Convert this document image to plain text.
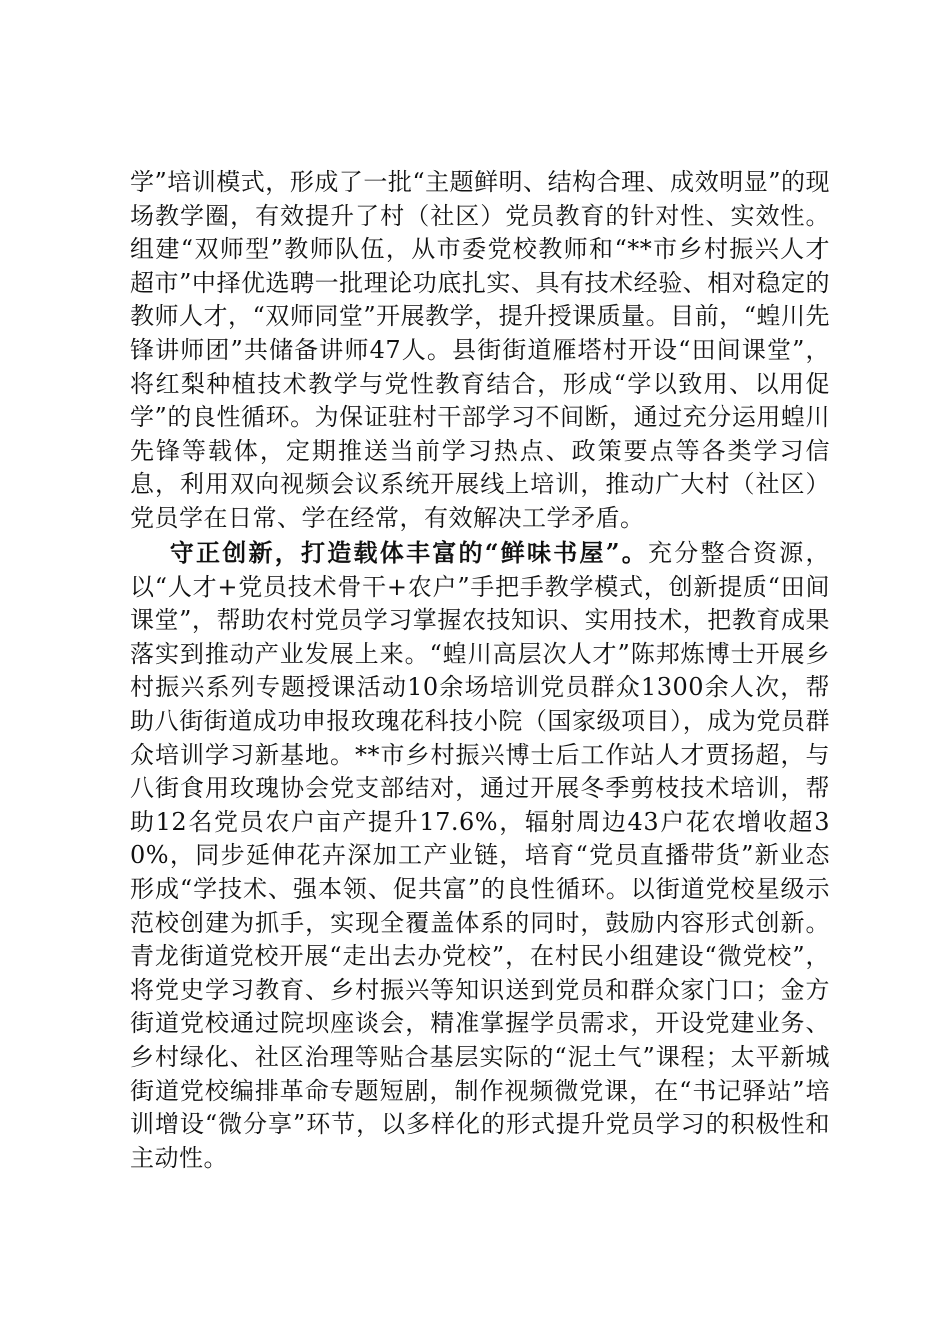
学”培训模式，形成了一批“主题鲜明、结构合理、成效明显”的现场教学圈，有效提升了村（社区）党员教育的针对性、实效性。组建“双师型”教师队伍，从市委党校教师和“**市乡村振兴人才超市”中择优选聘一批理论功底扎实、具有技术经验、相对稳定的教师人才，“双师同堂”开展教学，提升授课质量。目前，“蝗川先锋讲师团”共储备讲师47人。县街街道雁塔村开设“田间课堂”，将红梨种植技术教学与党性教育结合，形成“学以致用、以用促学”的良性循环。为保证驻村干部学习不间断，通过充分运用蝗川先锋等载体，定期推送当前学习热点、政策要点等各类学习信息，利用双向视频会议系统开展线上培训，推动广大村（社区）党员学在日常、学在经常，有效解决工学矛盾。

守正创新，打造载体丰富的“鲜味书屋”。充分整合资源，以“人才+党员技术骨干+农户”手把手教学模式，创新提质“田间课堂”，帮助农村党员学习掌握农技知识、实用技术，把教育成果落实到推动产业发展上来。“蝗川高层次人才”陈邦炼博士开展乡村振兴系列专题授课活动10余场培训党员群众1300余人次，帮助八街街道成功申报玫瑰花科技小院（国家级项目），成为党员群众培训学习新基地。**市乡村振兴博士后工作站人才贾扬超，与八街食用玫瑰协会党支部结对，通过开展冬季剪枝技术培训，帮助12名党员农户亩产提升17.6%，辐射周边43户花农增收超30%，同步延伸花卉深加工产业链，培育“党员直播带货”新业态形成“学技术、强本领、促共富”的良性循环。以街道党校星级示范校创建为抓手，实现全覆盖体系的同时，鼓励内容形式创新。青龙街道党校开展“走出去办党校”，在村民小组建设“微党校”，将党史学习教育、乡村振兴等知识送到党员和群众家门口；金方街道党校通过院坝座谈会，精准掌握学员需求，开设党建业务、乡村绿化、社区治理等贴合基层实际的“泥土气”课程；太平新城街道党校编排革命专题短剧，制作视频微党课，在“书记驿站”培训增设“微分享”环节，以多样化的形式提升党员学习的积极性和主动性。
